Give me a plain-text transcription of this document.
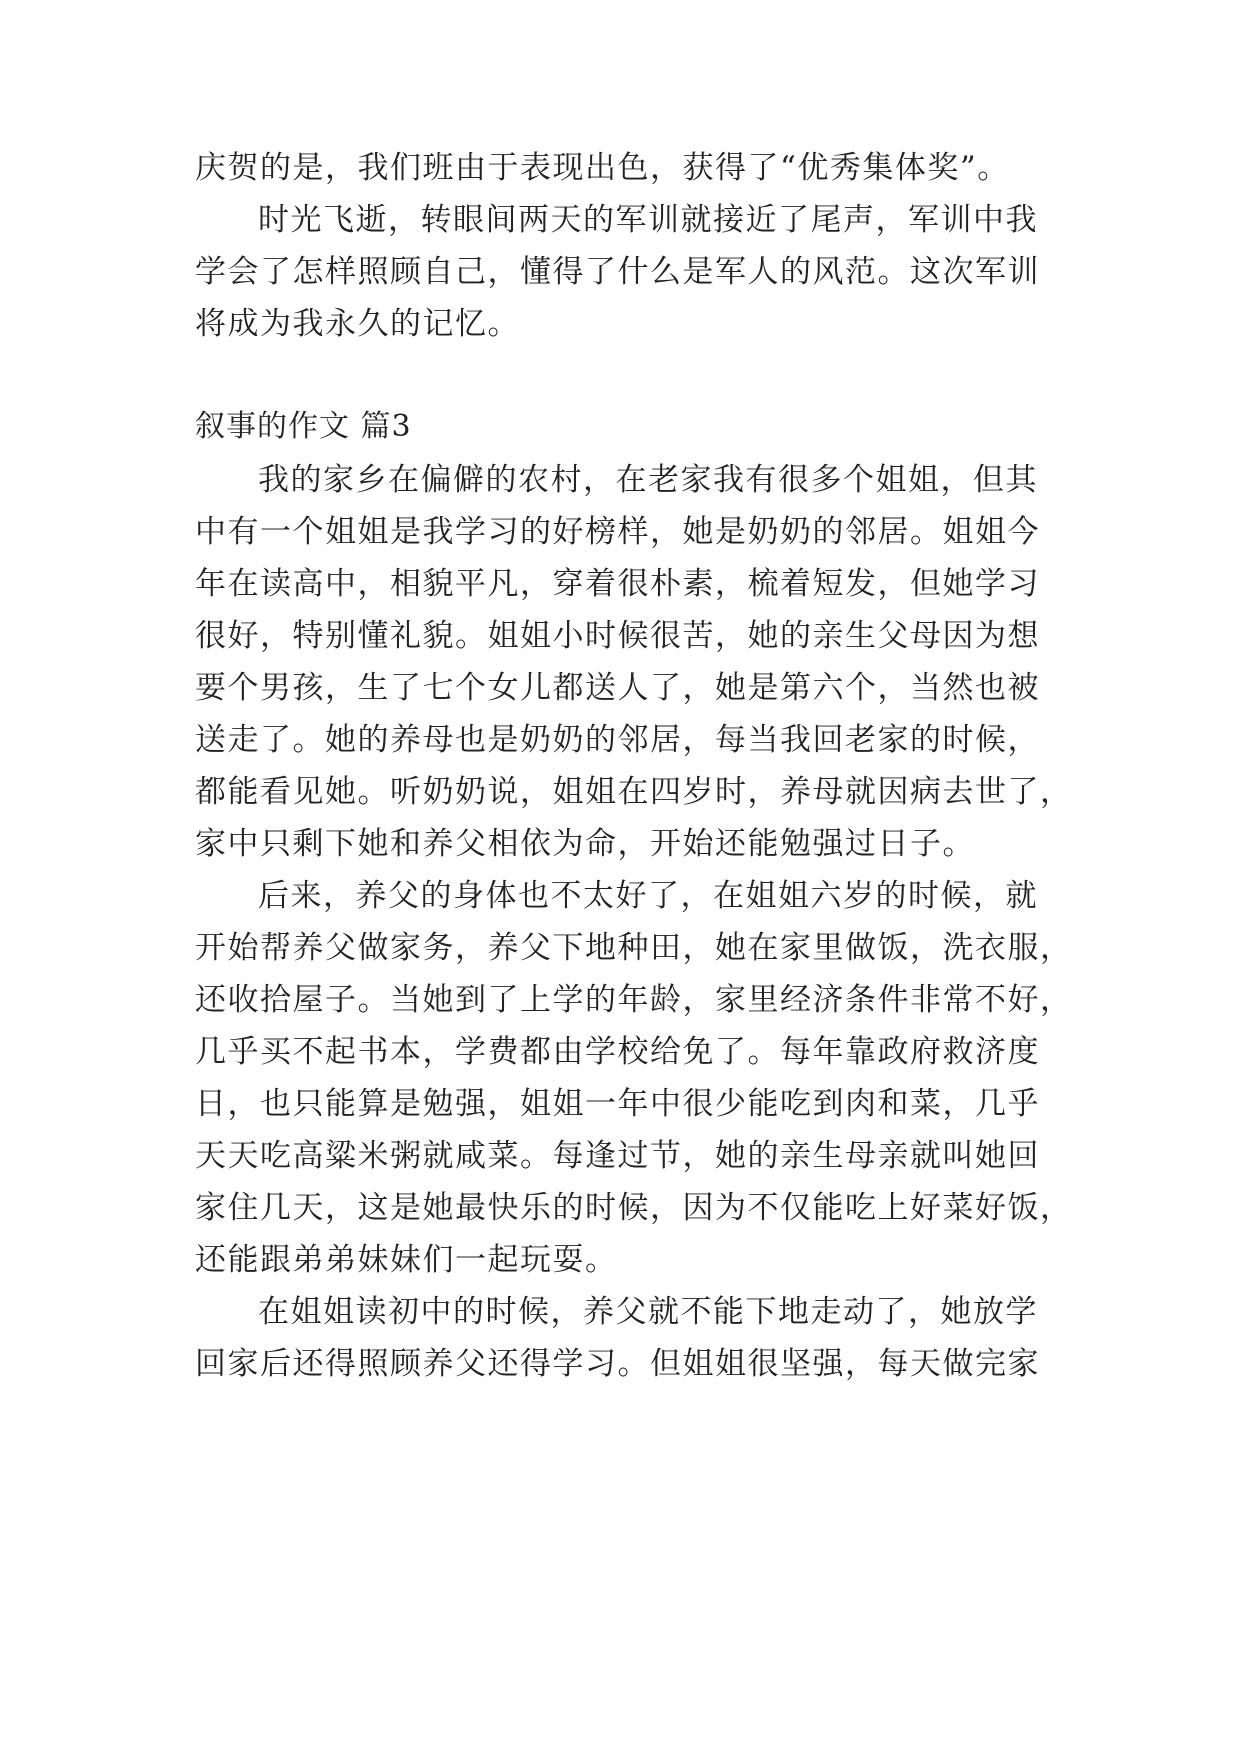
庆贺的是，我们班由于表现出色，获得了“优秀集体奖”。
时光飞逝，转眼间两天的军训就接近了尾声，军训中我
学会了怎样照顾自己，懂得了什么是军人的风范。这次军训
将成为我永久的记忆。
叙事的作文 篇3
我的家乡在偏僻的农村，在老家我有很多个姐姐，但其
中有一个姐姐是我学习的好榜样，她是奶奶的邻居。姐姐今
年在读高中，相貌平凡，穿着很朴素，梳着短发，但她学习
很好，特别懂礼貌。姐姐小时候很苦，她的亲生父母因为想
要个男孩，生了七个女儿都送人了，她是第六个，当然也被
送走了。她的养母也是奶奶的邻居，每当我回老家的时候，
都能看见她。听奶奶说，姐姐在四岁时，养母就因病去世了，
家中只剩下她和养父相依为命，开始还能勉强过日子。
后来，养父的身体也不太好了，在姐姐六岁的时候，就
开始帮养父做家务，养父下地种田，她在家里做饭，洗衣服，
还收拾屋子。当她到了上学的年龄，家里经济条件非常不好，
几乎买不起书本，学费都由学校给免了。每年靠政府救济度
日，也只能算是勉强，姐姐一年中很少能吃到肉和菜，几乎
天天吃高粱米粥就咸菜。每逢过节，她的亲生母亲就叫她回
家住几天，这是她最快乐的时候，因为不仅能吃上好菜好饭，
还能跟弟弟妹妹们一起玩耍。
在姐姐读初中的时候，养父就不能下地走动了，她放学
回家后还得照顾养父还得学习。但姐姐很坚强，每天做完家
